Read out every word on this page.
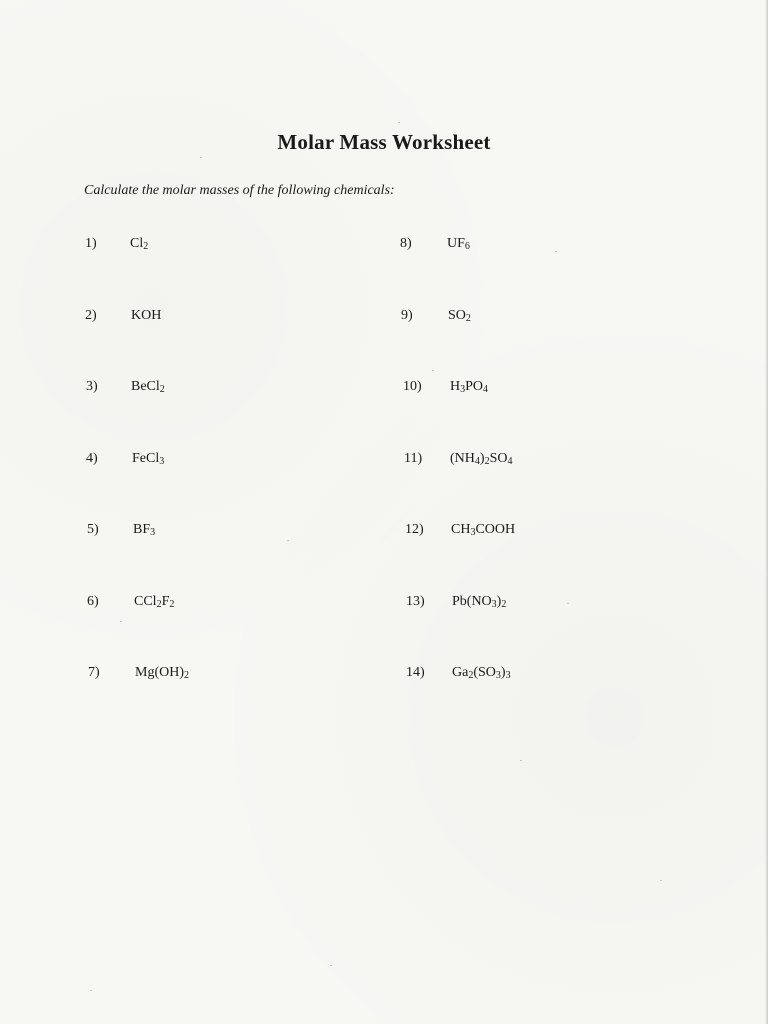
Molar Mass Worksheet
Calculate the molar masses of the following chemicals:
1) $Cl_2$
2) KOH
3) BeCl$_2$
4) FeCl$_3$
5) $BF_3$
6)	$CCl_2F_2$
7)	$Mg(OH)_2$
8)	$UF_6$
9)	$SO_2$
10) $H_3PO_4$
11) $(NH_4)_2SO_4$
12) $CH_3COOH$
13) $Pb(NO_3)_2$
14) $Ga_2(SO_3)_3$
